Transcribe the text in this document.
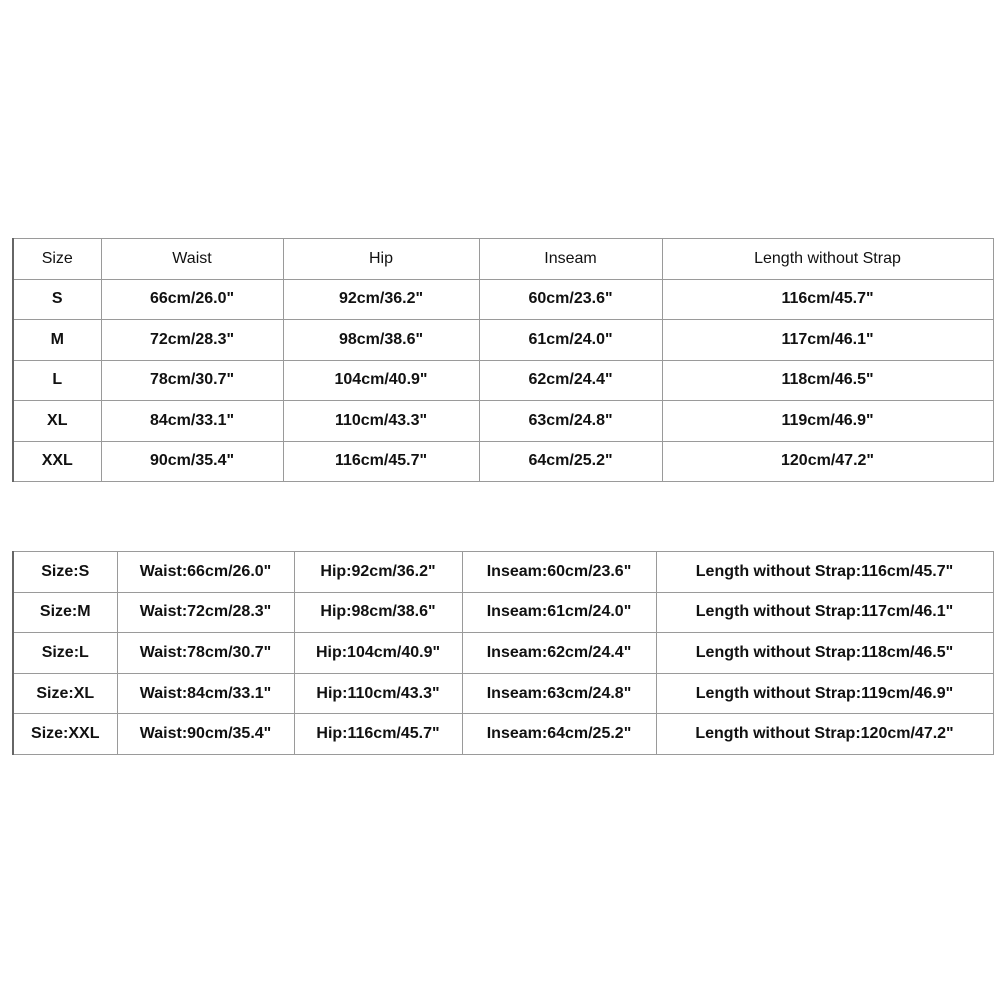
Size	Waist	Hip	Inseam	Length without Strap
S	66cm/26.0"	92cm/36.2"	60cm/23.6"	116cm/45.7"
M	72cm/28.3"	98cm/38.6"	61cm/24.0"	117cm/46.1"
L	78cm/30.7"	104cm/40.9"	62cm/24.4"	118cm/46.5"
XL	84cm/33.1"	110cm/43.3"	63cm/24.8"	119cm/46.9"
XXL	90cm/35.4"	116cm/45.7"	64cm/25.2"	120cm/47.2"
Size:S	Waist:66cm/26.0"	Hip:92cm/36.2"	Inseam:60cm/23.6"	Length without Strap:116cm/45.7"
Size:M	Waist:72cm/28.3"	Hip:98cm/38.6"	Inseam:61cm/24.0"	Length without Strap:117cm/46.1"
Size:L	Waist:78cm/30.7"	Hip:104cm/40.9"	Inseam:62cm/24.4"	Length without Strap:118cm/46.5"
Size:XL	Waist:84cm/33.1"	Hip:110cm/43.3"	Inseam:63cm/24.8"	Length without Strap:119cm/46.9"
Size:XXL	Waist:90cm/35.4"	Hip:116cm/45.7"	Inseam:64cm/25.2"	Length without Strap:120cm/47.2"
